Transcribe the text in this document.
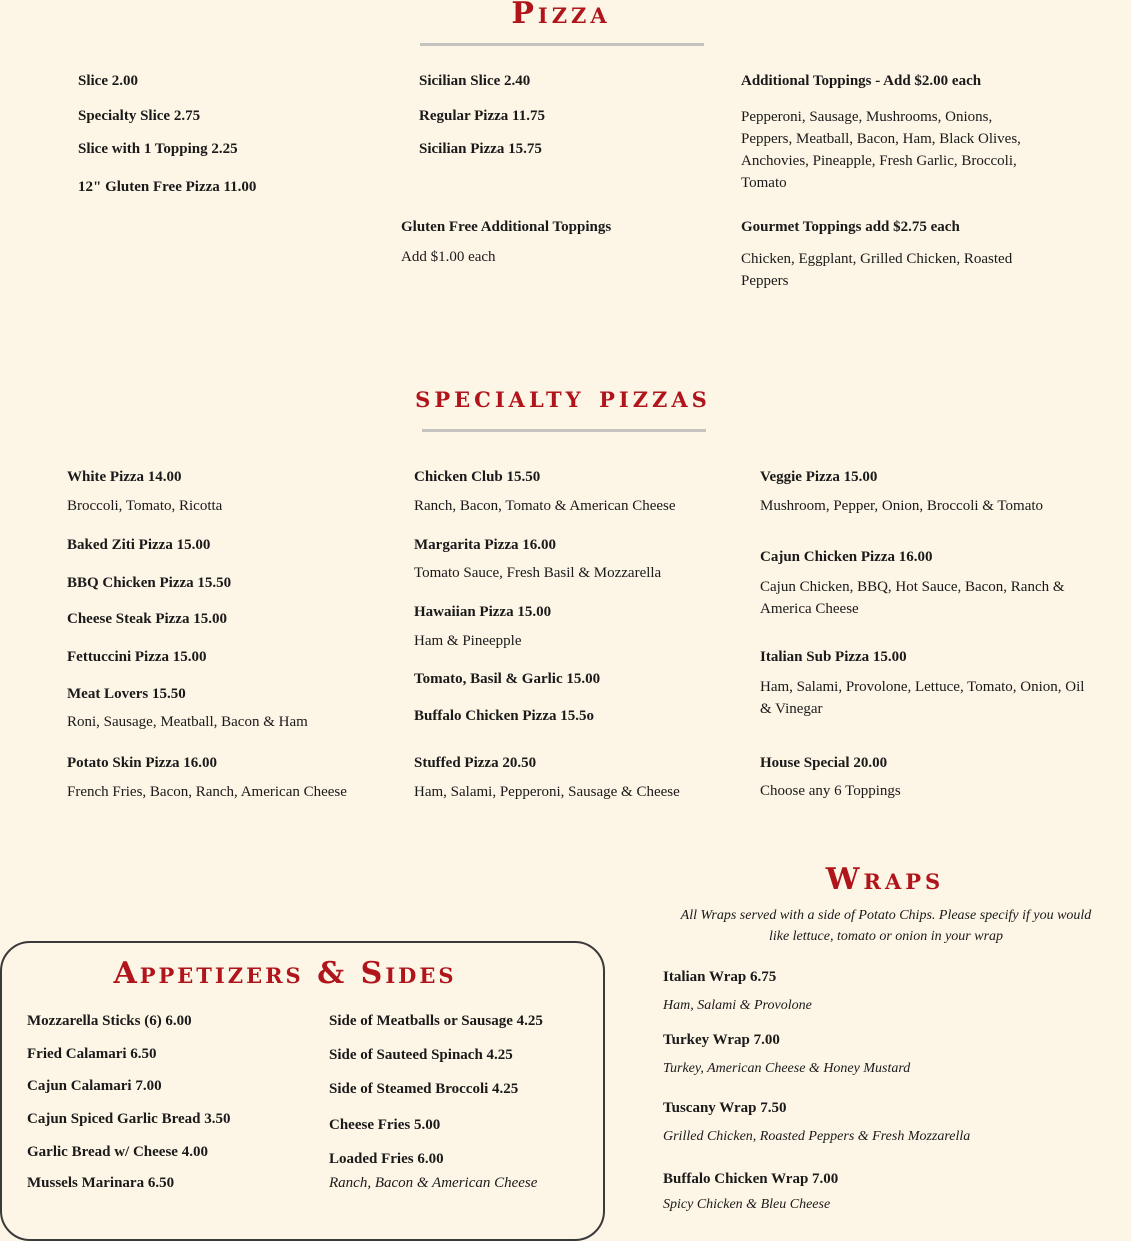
Pizza
Slice 2.00
Specialty Slice 2.75
Slice with 1 Topping 2.25
12" Gluten Free Pizza 11.00
Sicilian Slice 2.40
Regular Pizza 11.75
Sicilian Pizza 15.75
Additional Toppings - Add $2.00 each
Pepperoni, Sausage, Mushrooms, Onions, Peppers, Meatball, Bacon, Ham, Black Olives, Anchovies, Pineapple, Fresh Garlic, Broccoli, Tomato
Gluten Free Additional Toppings
Add $1.00 each
Gourmet Toppings add $2.75 each
Chicken, Eggplant, Grilled Chicken, Roasted Peppers
specialty pizzas
White Pizza 14.00
Broccoli, Tomato, Ricotta
Baked Ziti Pizza 15.00
BBQ Chicken Pizza 15.50
Cheese Steak Pizza 15.00
Fettuccini Pizza 15.00
Meat Lovers 15.50
Roni, Sausage, Meatball, Bacon & Ham
Potato Skin Pizza 16.00
French Fries, Bacon, Ranch, American Cheese
Chicken Club 15.50
Ranch, Bacon, Tomato & American Cheese
Margarita Pizza 16.00
Tomato Sauce, Fresh Basil & Mozzarella
Hawaiian Pizza 15.00
Ham & Pineepple
Tomato, Basil & Garlic 15.00
Buffalo Chicken Pizza 15.5o
Stuffed Pizza 20.50
Ham, Salami, Pepperoni, Sausage & Cheese
Veggie Pizza 15.00
Mushroom, Pepper, Onion, Broccoli & Tomato
Cajun Chicken Pizza 16.00
Cajun Chicken, BBQ, Hot Sauce, Bacon, Ranch & America Cheese
Italian Sub Pizza 15.00
Ham, Salami, Provolone, Lettuce, Tomato, Onion, Oil & Vinegar
House Special 20.00
Choose any 6 Toppings
Wraps
All Wraps served with a side of Potato Chips. Please specify if you would like lettuce, tomato or onion in your wrap
Italian Wrap 6.75
Ham, Salami & Provolone
Turkey Wrap 7.00
Turkey, American Cheese & Honey Mustard
Tuscany Wrap 7.50
Grilled Chicken, Roasted Peppers & Fresh Mozzarella
Buffalo Chicken Wrap 7.00
Spicy Chicken & Bleu Cheese
Appetizers & Sides
Mozzarella Sticks (6) 6.00
Fried Calamari 6.50
Cajun Calamari 7.00
Cajun Spiced Garlic Bread 3.50
Garlic Bread w/ Cheese 4.00
Mussels Marinara 6.50
Side of Meatballs or Sausage 4.25
Side of Sauteed Spinach 4.25
Side of Steamed Broccoli 4.25
Cheese Fries 5.00
Loaded Fries 6.00
Ranch, Bacon & American Cheese
